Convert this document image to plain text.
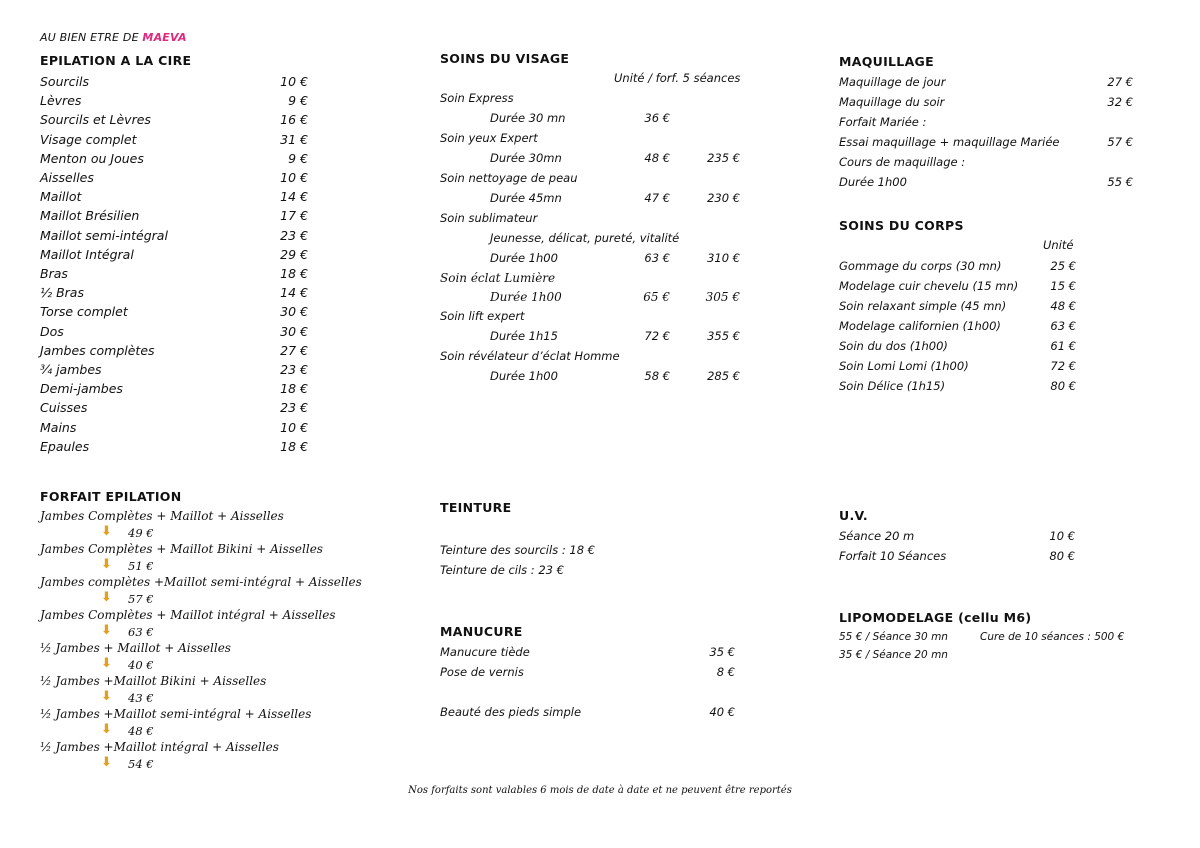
AU BIEN ETRE DE MAEVA
EPILATION A LA CIRE
Sourcils	10 €
Lèvres	9 €
Sourcils et Lèvres	16 €
Visage complet	31 €
Menton ou Joues	9 €
Aisselles	10 €
Maillot	14 €
Maillot Brésilien	17 €
Maillot semi-intégral	23 €
Maillot Intégral	29 €
Bras	18 €
½ Bras	14 €
Torse complet	30 €
Dos	30 €
Jambes complètes	27 €
¾ jambes	23 €
Demi-jambes	18 €
Cuisses	23 €
Mains	10 €
Epaules	18 €
FORFAIT EPILATION
Jambes Complètes + Maillot + Aisselles
⬇ 49 €
Jambes Complètes + Maillot Bikini + Aisselles
⬇ 51 €
Jambes complètes +Maillot semi-intégral + Aisselles
⬇ 57 €
Jambes Complètes + Maillot intégral + Aisselles
⬇ 63 €
½ Jambes + Maillot + Aisselles
⬇ 40 €
½ Jambes +Maillot Bikini + Aisselles
⬇ 43 €
½ Jambes +Maillot semi-intégral + Aisselles
⬇ 48 €
½ Jambes +Maillot intégral + Aisselles
⬇ 54 €
SOINS DU VISAGE
Unité / forf. 5 séances
Soin Express
Durée 30 mn	36 €
Soin yeux Expert
Durée 30mn	48 €	235 €
Soin nettoyage de peau
Durée 45mn	47 €	230 €
Soin sublimateur
Jeunesse, délicat, pureté, vitalité
Durée 1h00	63 €	310 €
Soin éclat Lumière
Durée 1h00	65 €	305 €
Soin lift expert
Durée 1h15	72 €	355 €
Soin révélateur d’éclat Homme
Durée 1h00	58 €	285 €
TEINTURE
Teinture des sourcils : 18 €
Teinture de cils : 23 €
MANUCURE
Manucure tiède	35 €
Pose de vernis	8 €
Beauté des pieds simple	40 €
MAQUILLAGE
Maquillage de jour	27 €
Maquillage du soir	32 €
Forfait Mariée :
Essai maquillage + maquillage Mariée	57 €
Cours de maquillage :
Durée 1h00	55 €
SOINS DU CORPS
Unité
Gommage du corps (30 mn)	25 €
Modelage cuir chevelu (15 mn)	15 €
Soin relaxant simple (45 mn)	48 €
Modelage californien (1h00)	63 €
Soin du dos (1h00)	61 €
Soin Lomi Lomi (1h00)	72 €
Soin Délice (1h15)	80 €
U.V.
Séance 20 m	10 €
Forfait 10 Séances	80 €
LIPOMODELAGE (cellu M6)
55 € / Séance 30 mn	Cure de 10 séances : 500 €
35 € / Séance 20 mn
Nos forfaits sont valables 6 mois de date à date et ne peuvent être reportés
